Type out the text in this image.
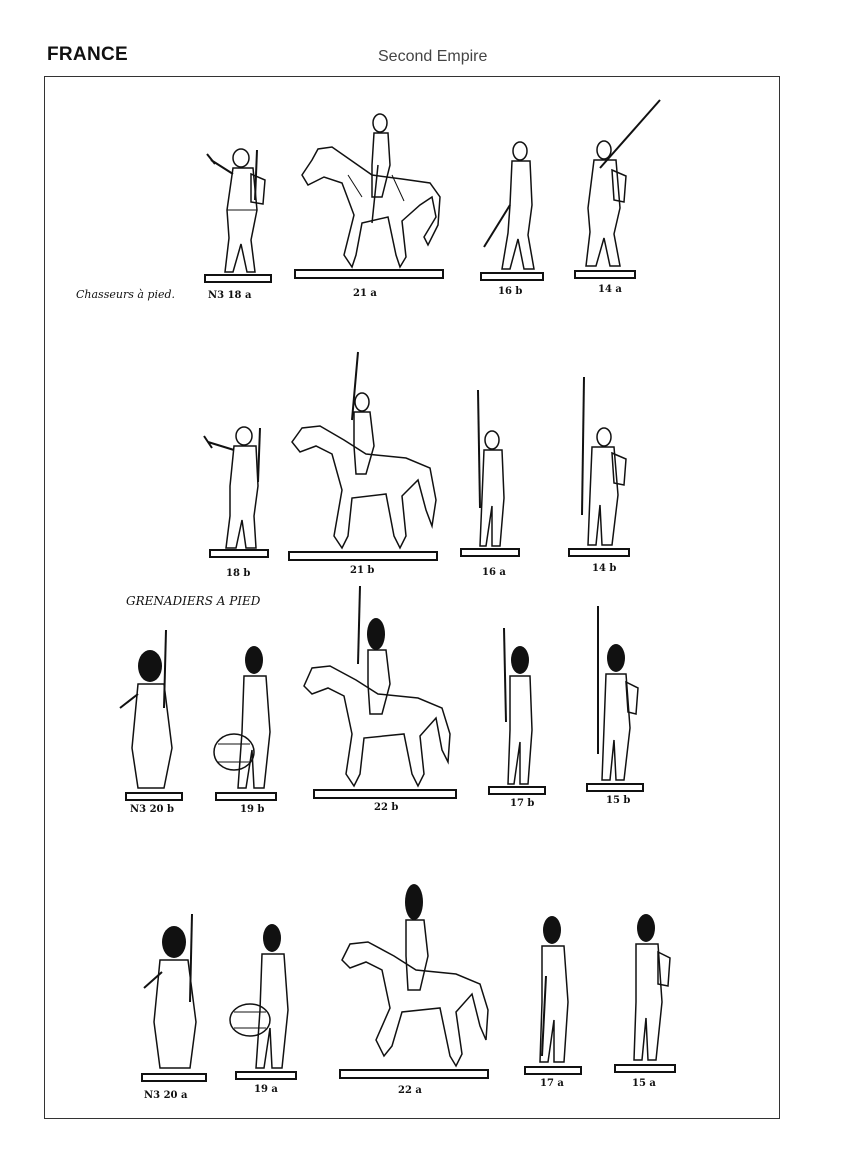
FRANCE	Second Empire
Chasseurs à pied.	N3 18 a	21 a	16 b	14 a
18 b	21 b	16 a	14 b
GRENADIERS A PIED
N3 20 b	19 b	22 b	17 b	15 b
N3 20 a
19 a	22 a
17 a	15 a
